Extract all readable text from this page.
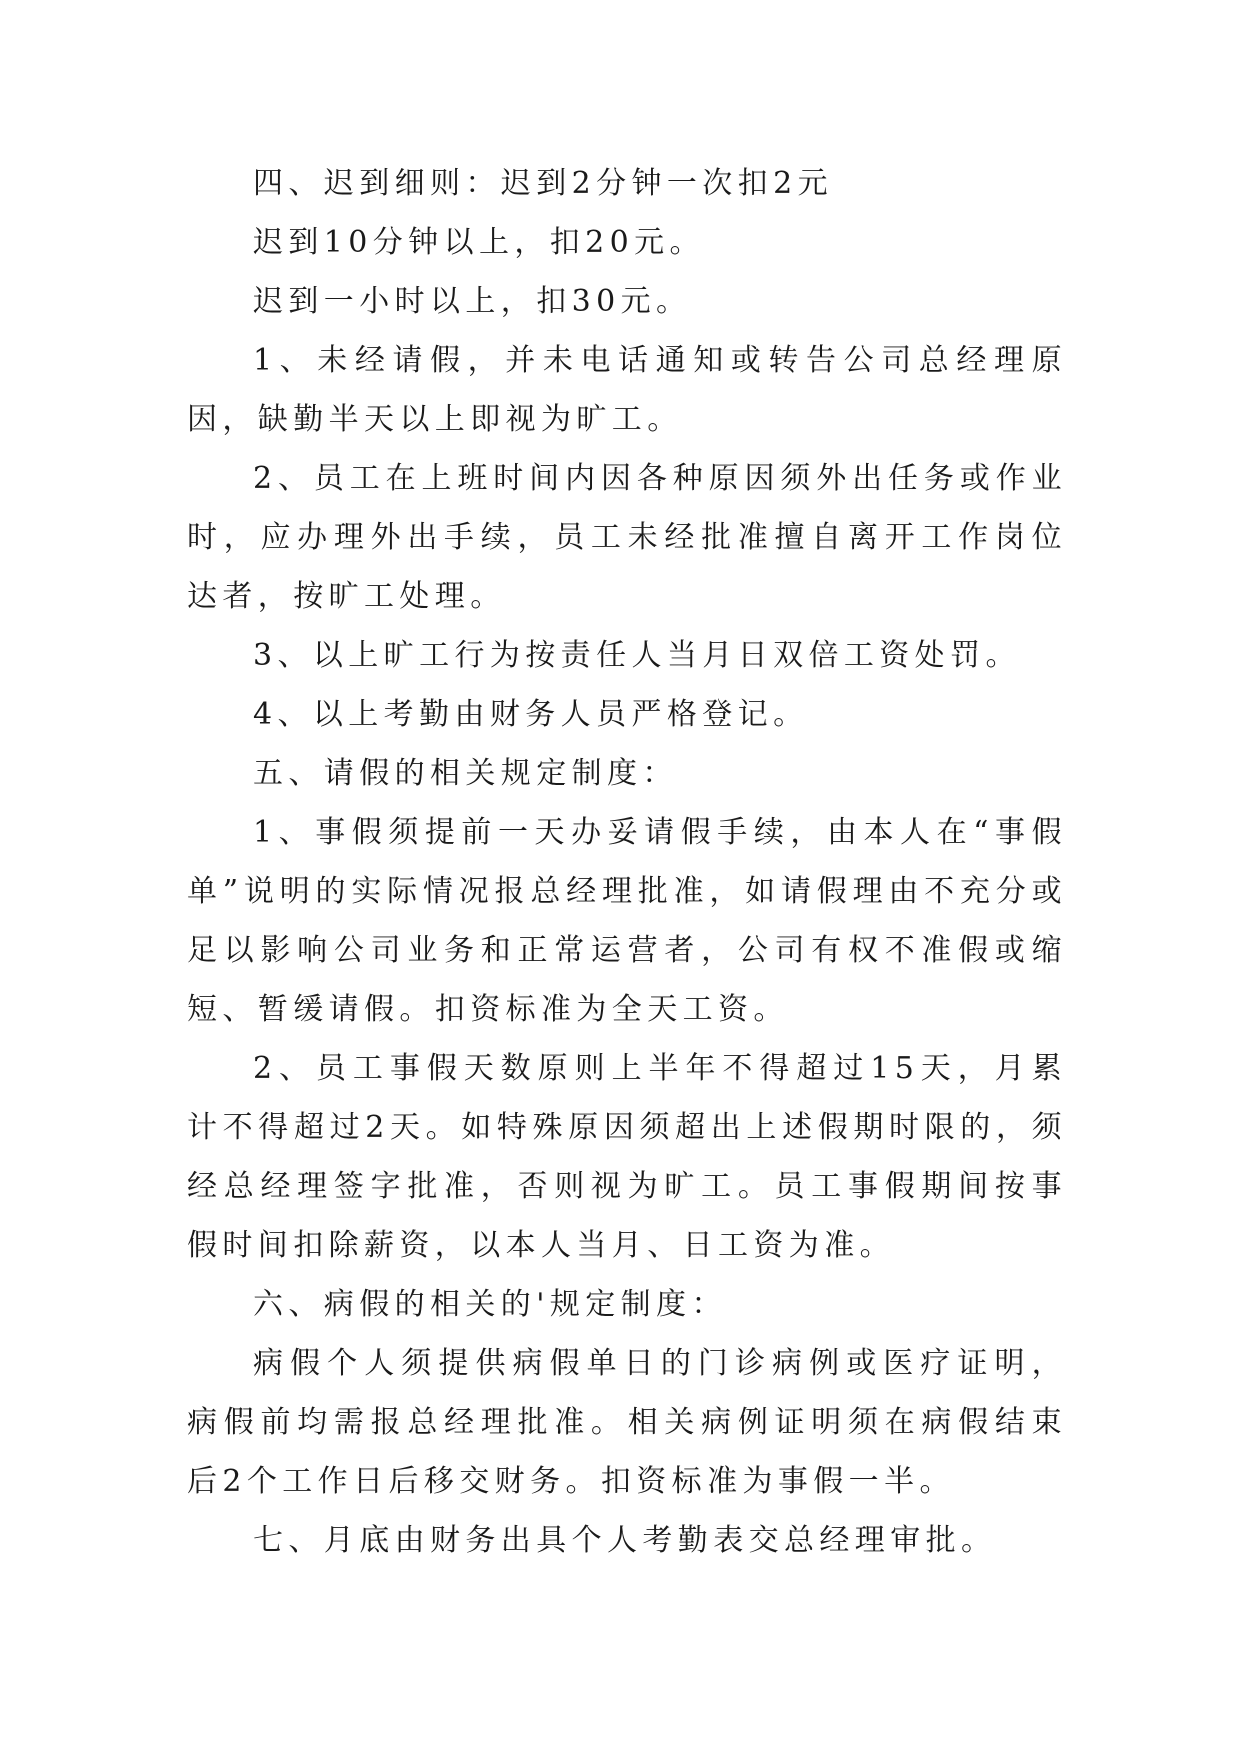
四、迟到细则：迟到2分钟一次扣2元

迟到10分钟以上，扣20元。

迟到一小时以上，扣30元。

1、未经请假，并未电话通知或转告公司总经理原因，缺勤半天以上即视为旷工。

2、员工在上班时间内因各种原因须外出任务或作业时，应办理外出手续，员工未经批准擅自离开工作岗位达者，按旷工处理。

3、以上旷工行为按责任人当月日双倍工资处罚。

4、以上考勤由财务人员严格登记。

五、请假的相关规定制度：

1、事假须提前一天办妥请假手续，由本人在“事假单”说明的实际情况报总经理批准，如请假理由不充分或足以影响公司业务和正常运营者，公司有权不准假或缩短、暂缓请假。扣资标准为全天工资。

2、员工事假天数原则上半年不得超过15天，月累计不得超过2天。如特殊原因须超出上述假期时限的，须经总经理签字批准，否则视为旷工。员工事假期间按事假时间扣除薪资，以本人当月、日工资为准。

六、病假的相关的'规定制度：

病假个人须提供病假单日的门诊病例或医疗证明，病假前均需报总经理批准。相关病例证明须在病假结束后2个工作日后移交财务。扣资标准为事假一半。

七、月底由财务出具个人考勤表交总经理审批。
